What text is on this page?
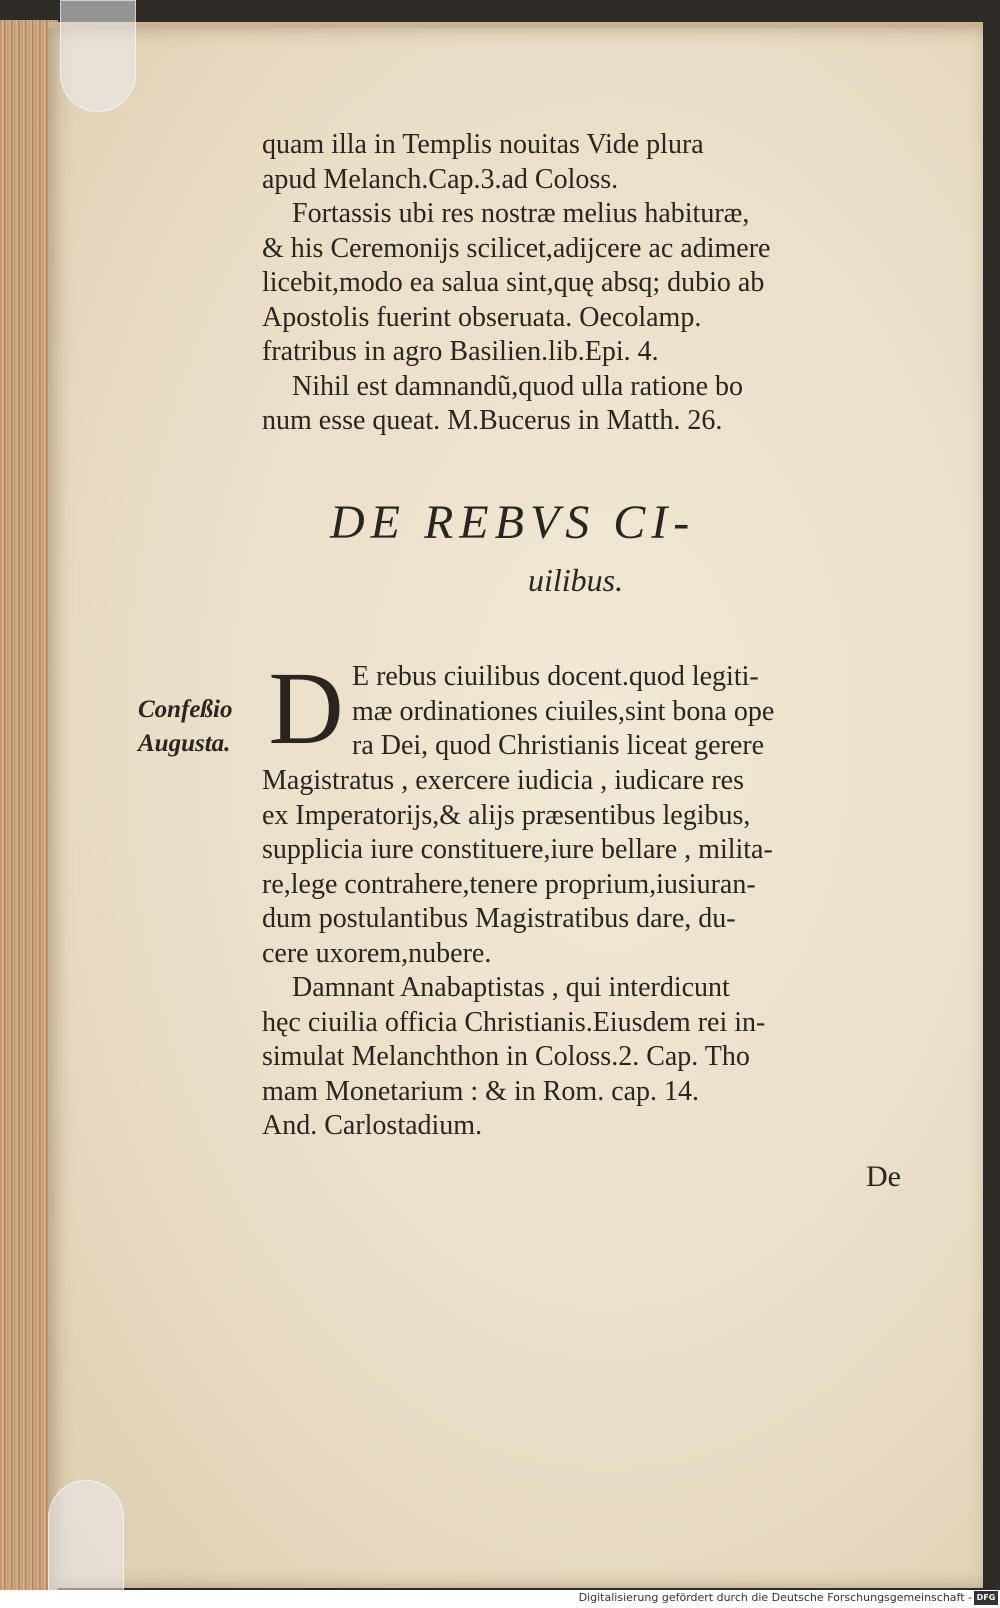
quam illa in Templis nouitas Vide plura
apud Melanch.Cap.3.ad Coloss.
Fortassis ubi res nostræ melius habituræ,
& his Ceremonijs scilicet,adijcere ac adimere
licebit,modo ea salua sint,quę absq; dubio ab
Apostolis fuerint obseruata. Oecolamp.
fratribus in agro Basilien.lib.Epi. 4.
Nihil est damnandũ,quod ulla ratione bo
num esse queat. M.Bucerus in Matth. 26.
DE REBVS CI-
uilibus.
Confeßio
Augusta. D E rebus ciuilibus docent.quod legiti-
mæ ordinationes ciuiles,sint bona ope
ra Dei, quod Christianis liceat gerere
Magistratus , exercere iudicia , iudicare res
ex Imperatorijs,& alijs præsentibus legibus,
supplicia iure constituere,iure bellare , milita-
re,lege contrahere,tenere proprium,iusiuran-
dum postulantibus Magistratibus dare, du-
cere uxorem,nubere.
Damnant Anabaptistas , qui interdicunt
hęc ciuilia officia Christianis.Eiusdem rei in-
simulat Melanchthon in Coloss.2. Cap. Tho
mam Monetarium : & in Rom. cap. 14.
And. Carlostadium.
De
Digitalisierung gefördert durch die Deutsche Forschungsgemeinschaft - DFG
